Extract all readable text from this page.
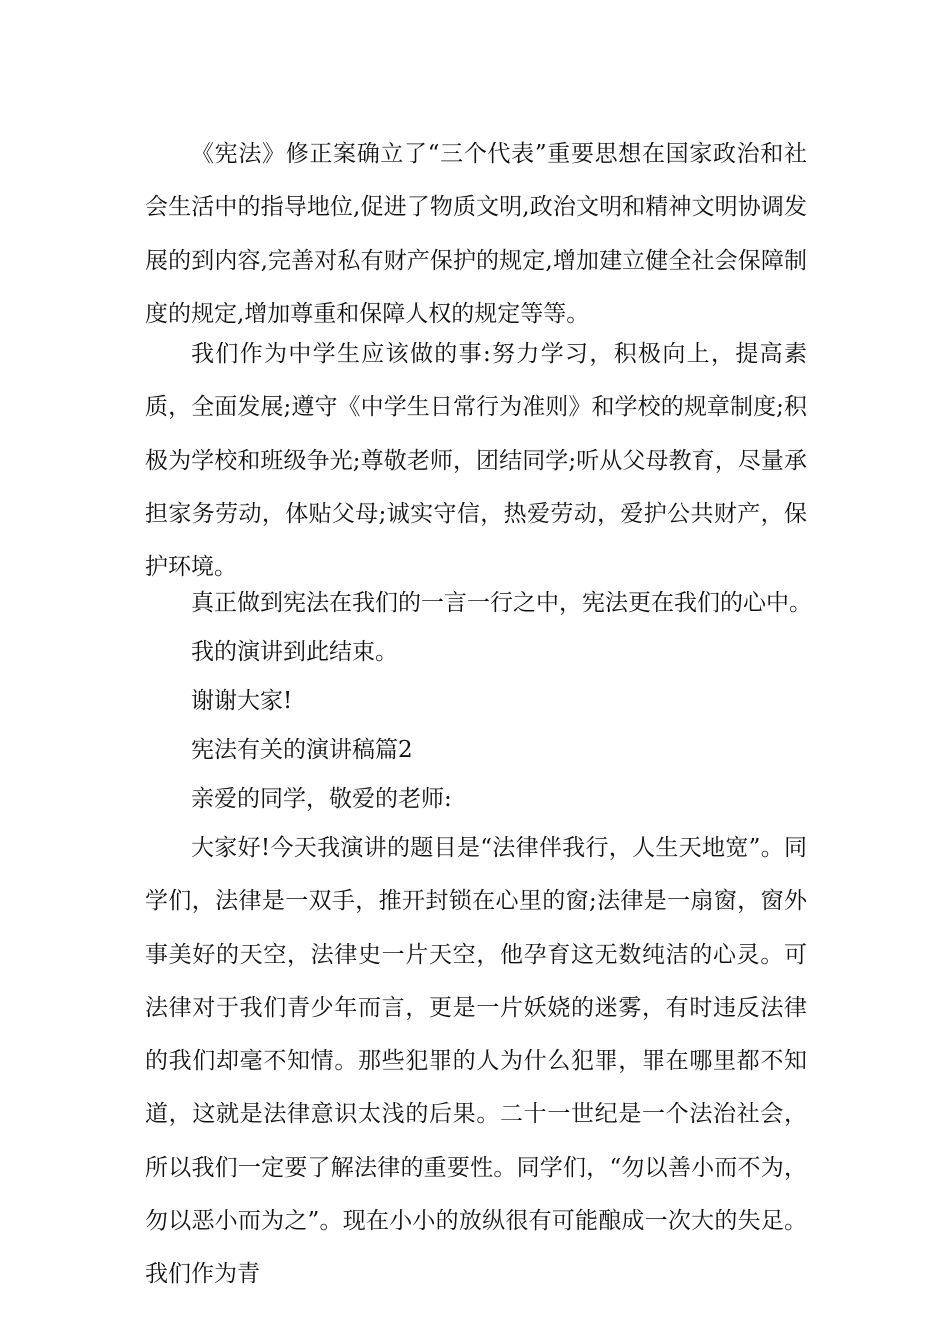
《宪法》修正案确立了“三个代表”重要思想在国家政治和社会生活中的指导地位,促进了物质文明,政治文明和精神文明协调发展的到内容,完善对私有财产保护的规定,增加建立健全社会保障制度的规定,增加尊重和保障人权的规定等等。

我们作为中学生应该做的事:努力学习，积极向上，提高素质，全面发展;遵守《中学生日常行为准则》和学校的规章制度;积极为学校和班级争光;尊敬老师，团结同学;听从父母教育，尽量承担家务劳动，体贴父母;诚实守信，热爱劳动，爱护公共财产，保护环境。

真正做到宪法在我们的一言一行之中，宪法更在我们的心中。

我的演讲到此结束。

谢谢大家!

宪法有关的演讲稿篇2

亲爱的同学，敬爱的老师:

大家好!今天我演讲的题目是“法律伴我行，人生天地宽”。同学们，法律是一双手，推开封锁在心里的窗;法律是一扇窗，窗外事美好的天空，法律史一片天空，他孕育这无数纯洁的心灵。可法律对于我们青少年而言，更是一片妖娆的迷雾，有时违反法律的我们却毫不知情。那些犯罪的人为什么犯罪，罪在哪里都不知道，这就是法律意识太浅的后果。二十一世纪是一个法治社会，所以我们一定要了解法律的重要性。同学们，“勿以善小而不为，勿以恶小而为之”。现在小小的放纵很有可能酿成一次大的失足。我们作为青
